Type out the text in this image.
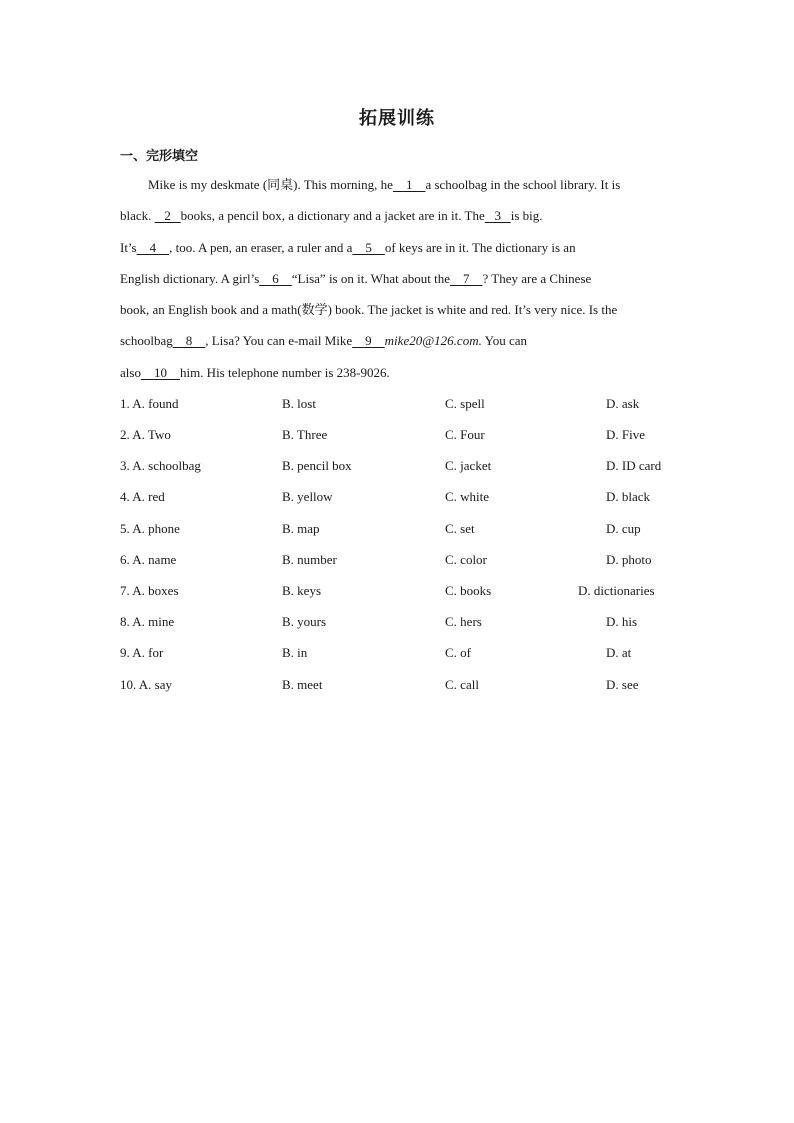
拓展训练
一、完形填空
Mike is my deskmate (同桌). This morning, he    1    a schoolbag in the school library. It is
black.    2   books, a pencil box, a dictionary and a jacket are in it. The   3   is big.
It’s    4    , too. A pen, an eraser, a ruler and a    5    of keys are in it. The dictionary is an
English dictionary. A girl’s    6    “Lisa” is on it. What about the    7    ? They are a Chinese
book, an English book and a math(数学) book. The jacket is white and red. It’s very nice. Is the
schoolbag    8    , Lisa? You can e-mail Mike    9    mike20@126.com. You can
also    10    him. His telephone number is 238-9026.
1. A. found	B. lost	C. spell	D. ask
2. A. Two	B. Three	C. Four	D. Five
3. A. schoolbag	B. pencil box	C. jacket	D. ID card
4. A. red	B. yellow	C. white	D. black
5. A. phone	B. map	C. set	D. cup
6. A. name	B. number	C. color	D. photo
7. A. boxes	B. keys	C. books	D. dictionaries
8. A. mine	B. yours	C. hers	D. his
9. A. for	B. in	C. of	D. at
10. A. say	B. meet	C. call	D. see
